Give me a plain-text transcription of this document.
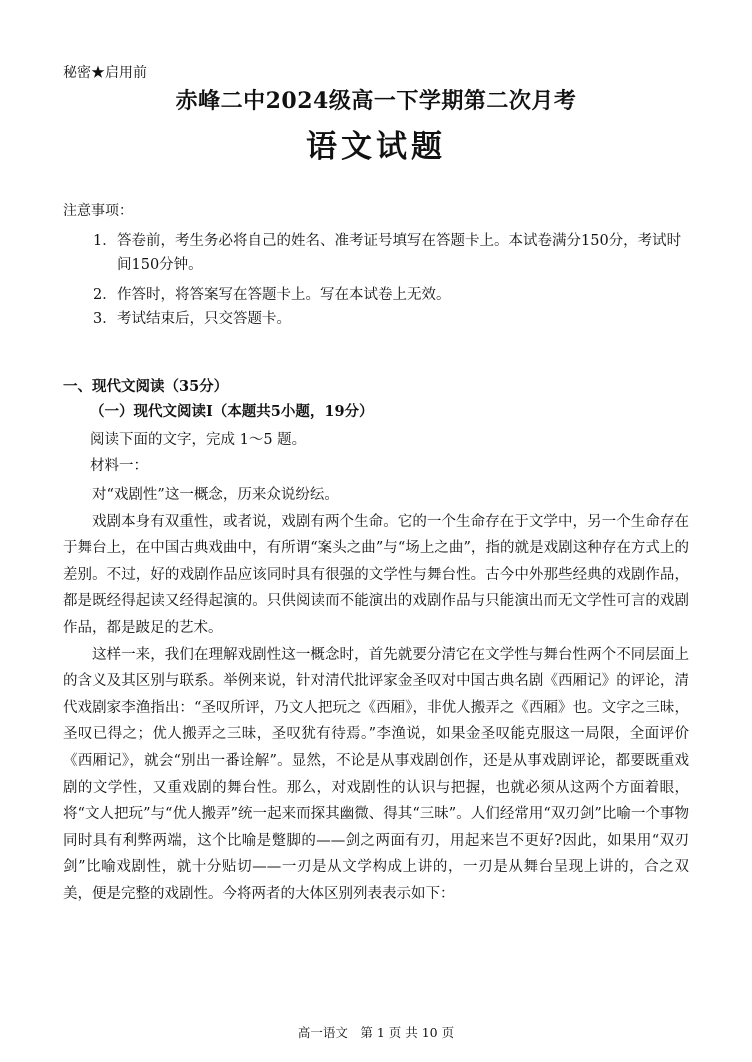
秘密★启用前
赤峰二中2024级高一下学期第二次月考
语文试题
注意事项：
1． 答卷前，考生务必将自己的姓名、准考证号填写在答题卡上。本试卷满分150分，考试时间150分钟。
2． 作答时，将答案写在答题卡上。写在本试卷上无效。
3． 考试结束后，只交答题卡。
一、现代文阅读（35分）
（一）现代文阅读Ⅰ（本题共5小题，19分）
阅读下面的文字，完成 1～5 题。
材料一：

对“戏剧性”这一概念，历来众说纷纭。

戏剧本身有双重性，或者说，戏剧有两个生命。它的一个生命存在于文学中，另一个生命存在于舞台上，在中国古典戏曲中，有所谓“案头之曲”与“场上之曲”，指的就是戏剧这种存在方式上的差别。不过，好的戏剧作品应该同时具有很强的文学性与舞台性。古今中外那些经典的戏剧作品，都是既经得起读又经得起演的。只供阅读而不能演出的戏剧作品与只能演出而无文学性可言的戏剧作品，都是跛足的艺术。

这样一来，我们在理解戏剧性这一概念时，首先就要分清它在文学性与舞台性两个不同层面上的含义及其区别与联系。举例来说，针对清代批评家金圣叹对中国古典名剧《西厢记》的评论，清代戏剧家李渔指出：“圣叹所评，乃文人把玩之《西厢》，非优人搬弄之《西厢》也。文字之三昧，圣叹已得之；优人搬弄之三昧，圣叹犹有待焉。”李渔说，如果金圣叹能克服这一局限，全面评价《西厢记》，就会“别出一番诠解”。显然，不论是从事戏剧创作，还是从事戏剧评论，都要既重戏剧的文学性，又重戏剧的舞台性。那么，对戏剧性的认识与把握，也就必须从这两个方面着眼，将“文人把玩”与“优人搬弄”统一起来而探其幽微、得其“三昧”。人们经常用“双刃剑”比喻一个事物同时具有利弊两端，这个比喻是蹩脚的——剑之两面有刃，用起来岂不更好?因此，如果用“双刃剑”比喻戏剧性，就十分贴切——一刃是从文学构成上讲的，一刃是从舞台呈现上讲的，合之双美，便是完整的戏剧性。今将两者的大体区别列表表示如下：

高一语文　第 1 页 共 10 页
